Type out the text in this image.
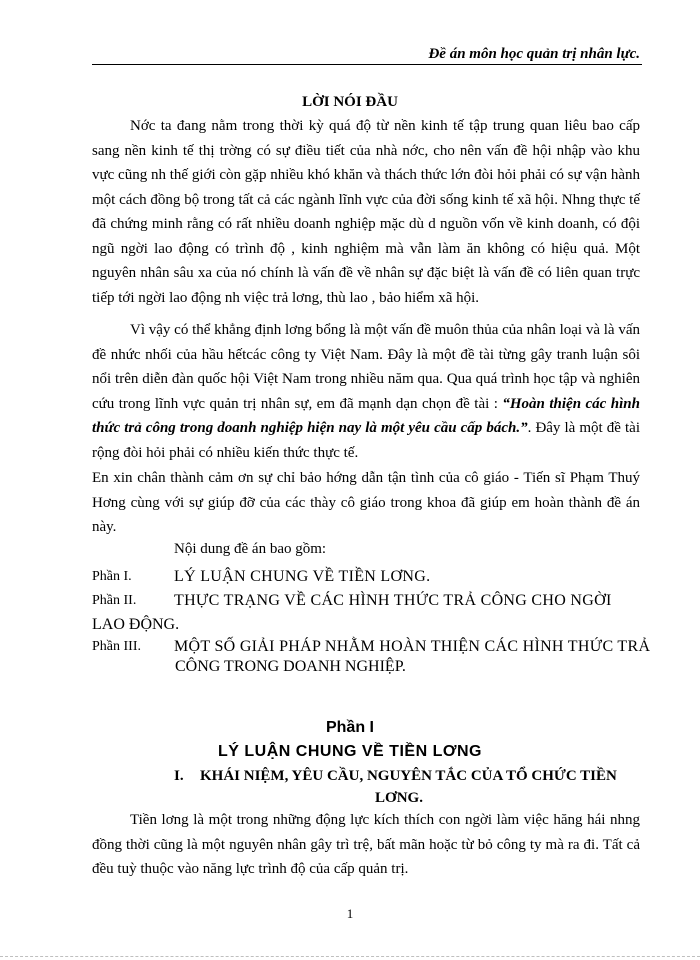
Đề án môn học quản trị nhân lực.
LỜI NÓI ĐẦU
Nớc ta đang nằm trong thời kỳ quá độ từ nền kinh tế tập trung quan liêu bao cấp sang nền kinh tế thị trờng có sự điều tiết của nhà nớc, cho nên vấn đề hội nhập vào khu vực cũng nh thế giới còn gặp nhiều khó khăn và thách thức lớn đòi hỏi phải có sự vận hành một cách đồng bộ trong tất cả các ngành lĩnh vực của đời sống kinh tế xã hội. Nhng thực tế đã chứng minh rằng có rất nhiều doanh nghiệp mặc dù d nguồn vốn về kinh doanh, có đội ngũ ngời lao động có trình độ , kinh nghiệm mà vẫn làm ăn không có hiệu quả. Một nguyên nhân sâu xa của nó chính là vấn đề về nhân sự đặc biệt là vấn đề có liên quan trực tiếp tới ngời lao động nh việc trả lơng, thù lao , bảo hiểm xã hội.
Vì vậy có thể khẳng định lơng bổng là một vấn đề muôn thủa của nhân loại và là vấn đề nhức nhối của hầu hếtcác công ty Việt Nam. Đây là một đề tài từng gây tranh luận sôi nổi trên diễn đàn quốc hội Việt Nam trong nhiều năm qua. Qua quá trình học tập và nghiên cứu trong lĩnh vực quản trị nhân sự, em đã mạnh dạn chọn đề tài : “Hoàn thiện các hình thức trả công trong doanh nghiệp hiện nay là một yêu cầu cấp bách.”. Đây là một đề tài rộng đòi hỏi phải có nhiều kiến thức thực tế.
En xin chân thành cảm ơn sự chỉ bảo hớng dẫn tận tình của cô giáo - Tiến sĩ Phạm Thuý Hơng cùng với sự giúp đỡ của các thày cô giáo trong khoa đã giúp em hoàn thành đề án này.
Nội dung đề án bao gồm:
Phần I.	LÝ LUẬN CHUNG VỀ TIỀN LƠNG.
Phần II. THỰC TRẠNG VỀ CÁC HÌNH THỨC TRẢ CÔNG CHO NGỜI
LAO ĐỘNG.
Phần III. MỘT SỐ GIẢI PHÁP NHẰM HOÀN THIỆN CÁC HÌNH THỨC TRẢ
CÔNG TRONG DOANH NGHIỆP.
Phần I
LÝ LUẬN CHUNG VỀ TIỀN LƠNG
I. KHÁI NIỆM, YÊU CẦU, NGUYÊN TẮC CỦA TỔ CHỨC TIỀN
LƠNG.
Tiền lơng là một trong những động lực kích thích con ngời làm việc hăng hái nhng đồng thời cũng là một nguyên nhân gây trì trệ, bất mãn hoặc từ bỏ công ty mà ra đi. Tất cả đều tuỳ thuộc vào năng lực trình độ của cấp quản trị.
1
